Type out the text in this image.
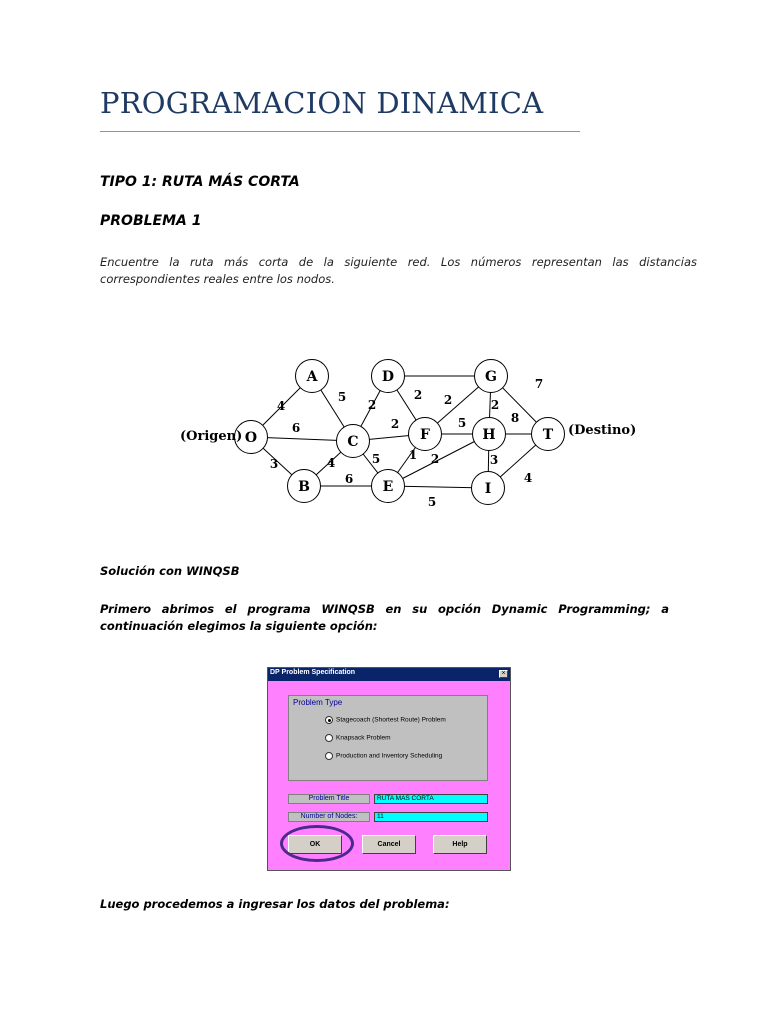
PROGRAMACION DINAMICA
TIPO 1: RUTA MÁS CORTA
PROBLEMA 1
Encuentre la ruta más corta de la siguiente red. Los números representan las distancias correspondientes reales entre los nodos.
4
6
3
5
4
6
2
2
5
2 2
5
1 2
5
2
7
8
3
4
O
A
B
C
D
E
F
G
H
I
T
(Origen)	(Destino)
Solución con WINQSB
Primero abrimos el programa WINQSB en su opción Dynamic Programming; a continuación elegimos la siguiente opción:
DP Problem Specification	×
Problem Type
Stagecoach (Shortest Route) Problem
Knapsack Problem
Production and Inventory Scheduling
Problem Title	RUTA MAS CORTA
Number of Nodes:	11
OK	Cancel	Help
Luego procedemos a ingresar los datos del problema:
